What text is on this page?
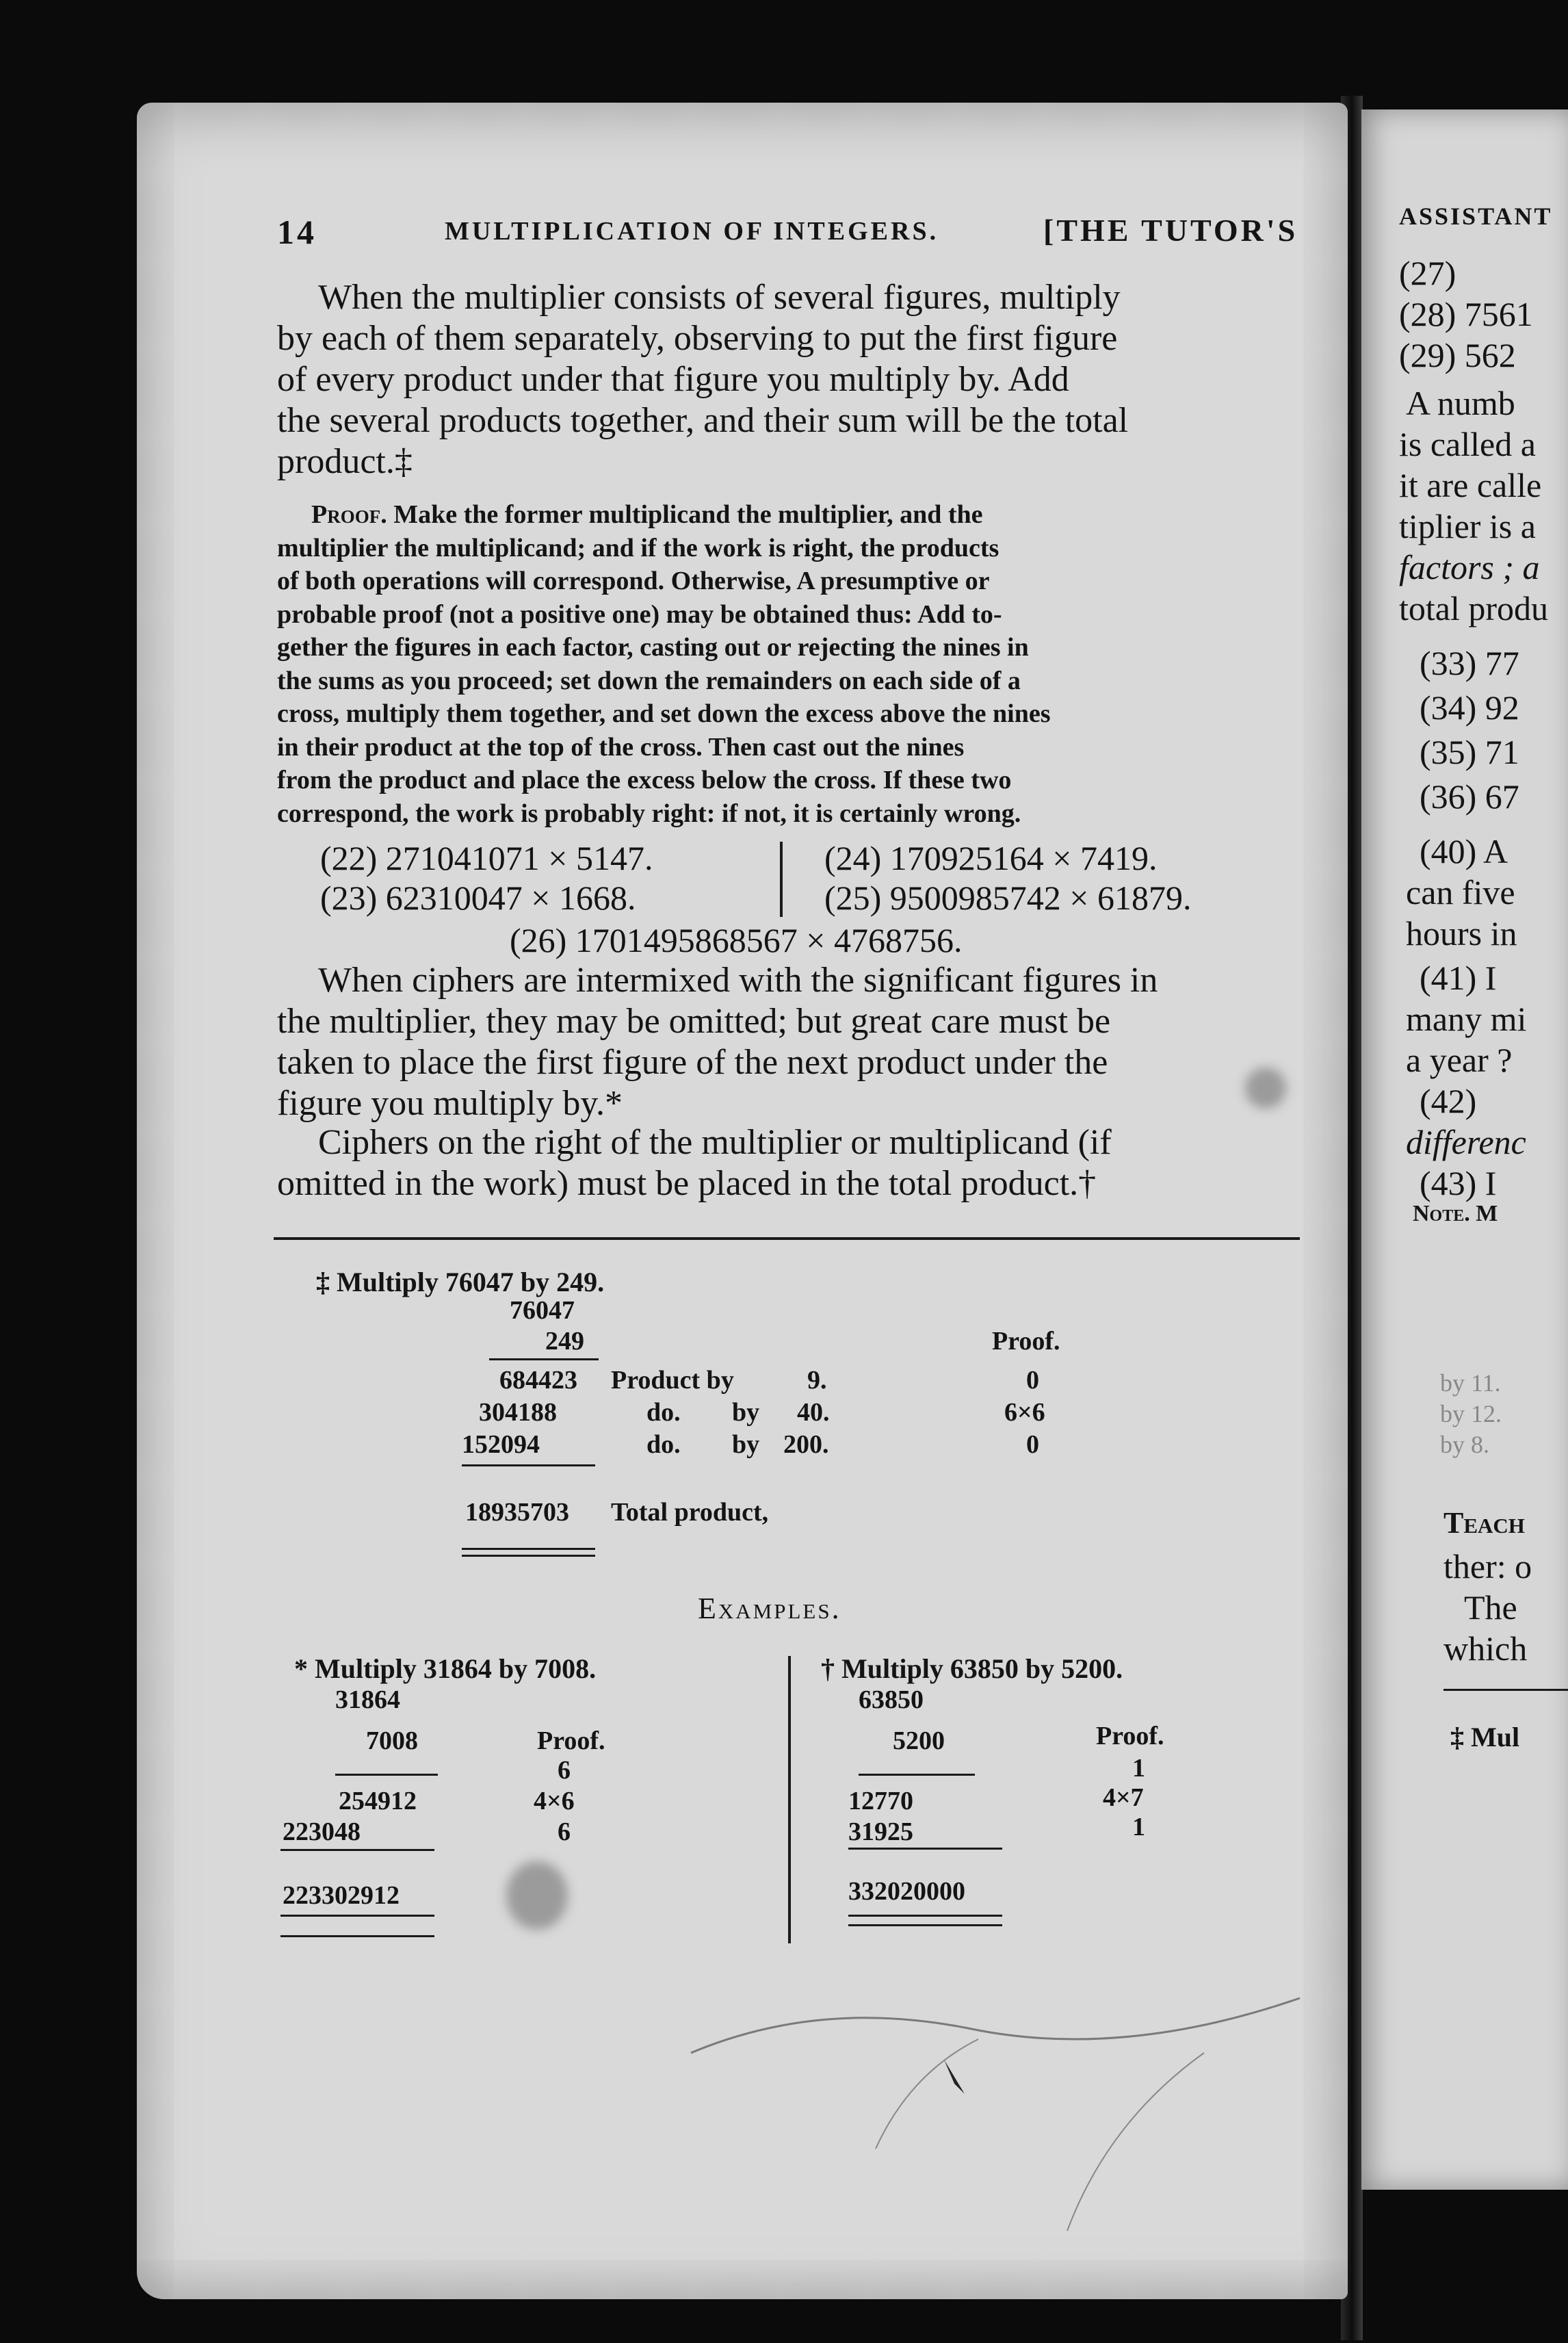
14	MULTIPLICATION OF INTEGERS.	[THE TUTOR'S
When the multiplier consists of several figures, multiply
by each of them separately, observing to put the first figure
of every product under that figure you multiply by. Add
the several products together, and their sum will be the total
product.‡
Proof. Make the former multiplicand the multiplier, and the
multiplier the multiplicand; and if the work is right, the products
of both operations will correspond. Otherwise, A presumptive or
probable proof (not a positive one) may be obtained thus: Add to-
gether the figures in each factor, casting out or rejecting the nines in
the sums as you proceed; set down the remainders on each side of a
cross, multiply them together, and set down the excess above the nines
in their product at the top of the cross. Then cast out the nines
from the product and place the excess below the cross. If these two
correspond, the work is probably right: if not, it is certainly wrong.
(22) 271041071 × 5147.
(23) 62310047 × 1668.
(24) 170925164 × 7419.
(25) 9500985742 × 61879.
(26) 1701495868567 × 4768756.
When ciphers are intermixed with the significant figures in
the multiplier, they may be omitted; but great care must be
taken to place the first figure of the next product under the
figure you multiply by.*
Ciphers on the right of the multiplier or multiplicand (if
omitted in the work) must be placed in the total product.†
‡ Multiply 76047 by 249.
76047
249	Proof.
684423 Product by	9.	0
304188	do. by 40.	6×6
152094	do. by 200.	0
18935703 Total product,
Examples.
* Multiply 31864 by 7008.
31864
7008	Proof.
6
254912	4×6
223048	6
223302912
† Multiply 63850 by 5200.
63850
5200	Proof.
1
12770	4×7
31925	1
332020000
ASSISTANT
(27)
(28) 7561
(29) 562
A numb
is called a
it are calle
tiplier is a
factors ; a
total produ
(33) 77
(34) 92
(35) 71
(36) 67
(40) A
can five
hours in
(41) I
many mi
a year ?
(42)
differenc
(43) I
Note. M
by 11.
by 12.
by 8.
Teach
ther: o
The
which
‡ Mul
